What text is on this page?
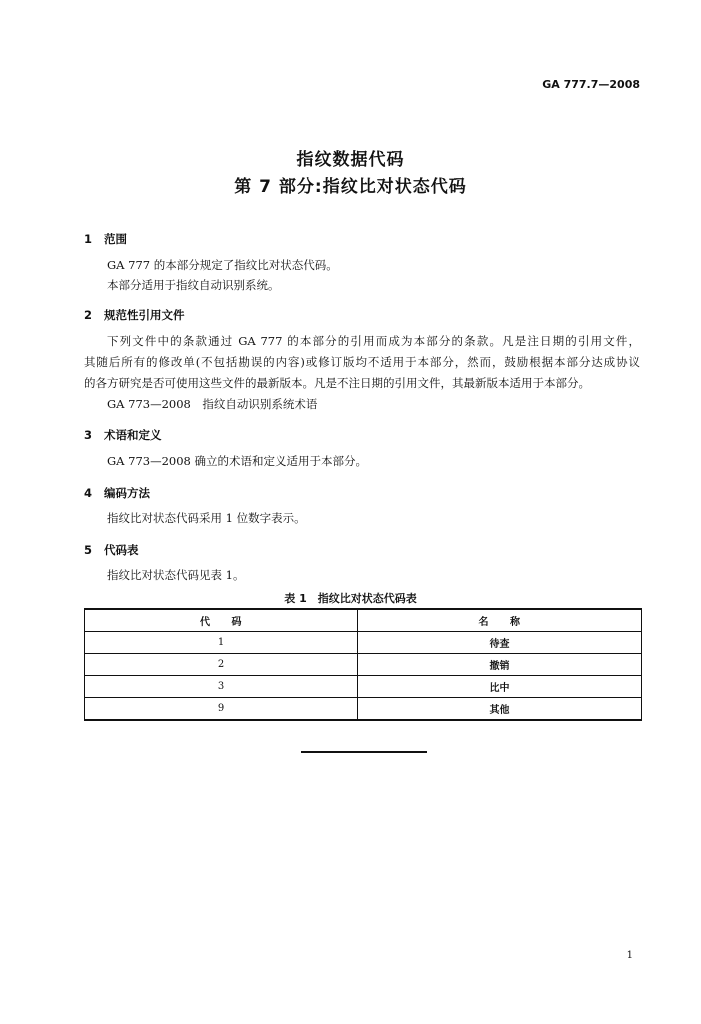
GA 777.7—2008
指纹数据代码
第 7 部分:指纹比对状态代码
1 范围
GA 777 的本部分规定了指纹比对状态代码。
本部分适用于指纹自动识别系统。
2 规范性引用文件
下列文件中的条款通过 GA 777 的本部分的引用而成为本部分的条款。凡是注日期的引用文件，
其随后所有的修改单(不包括勘误的内容)或修订版均不适用于本部分，然而，鼓励根据本部分达成协议
的各方研究是否可使用这些文件的最新版本。凡是不注日期的引用文件，其最新版本适用于本部分。
GA 773—2008　指纹自动识别系统术语
3 术语和定义
GA 773—2008 确立的术语和定义适用于本部分。
4 编码方法
指纹比对状态代码采用 1 位数字表示。
5 代码表
指纹比对状态代码见表 1。
表 1　指纹比对状态代码表
代　　码	名　　称
1	待查
2	撤销
3	比中
9	其他
1
